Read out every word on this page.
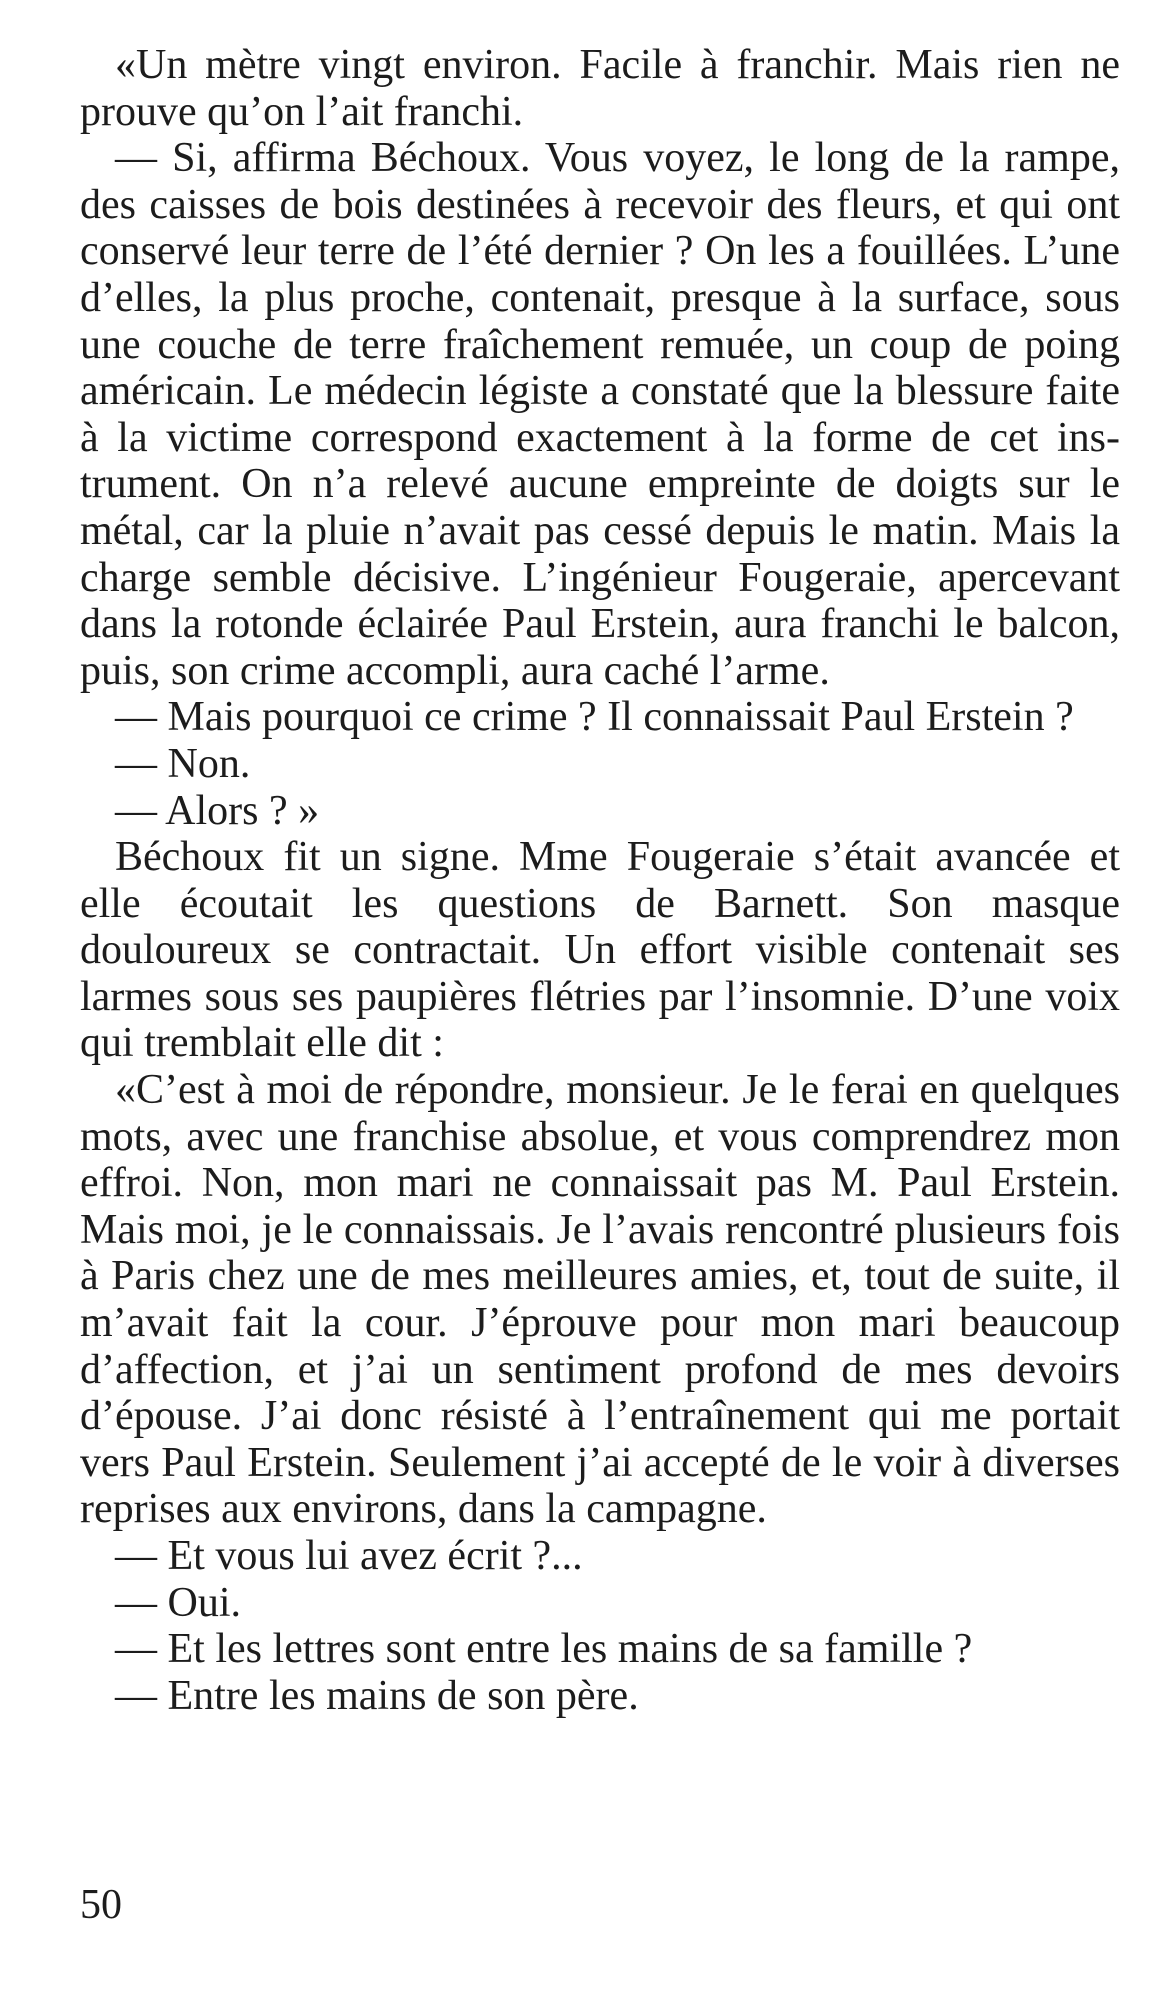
«Un mètre vingt environ. Facile à franchir. Mais rien ne prouve qu’on l’ait franchi.

— Si, affirma Béchoux. Vous voyez, le long de la rampe, des caisses de bois destinées à recevoir des fleurs, et qui ont conservé leur terre de l’été dernier ? On les a fouillées. L’une d’elles, la plus proche, contenait, presque à la surface, sous une couche de terre fraîchement remuée, un coup de poing américain. Le médecin légiste a constaté que la blessure faite à la victime correspond exactement à la forme de cet instrument. On n’a relevé aucune empreinte de doigts sur le métal, car la pluie n’avait pas cessé depuis le matin. Mais la charge semble décisive. L’ingénieur Fougeraie, apercevant dans la rotonde éclairée Paul Erstein, aura franchi le balcon, puis, son crime accompli, aura caché l’arme.

— Mais pourquoi ce crime ? Il connaissait Paul Erstein ?

— Non.

— Alors ? »

Béchoux fit un signe. Mme Fougeraie s’était avancée et elle écoutait les questions de Barnett. Son masque douloureux se contractait. Un effort visible contenait ses larmes sous ses paupières flétries par l’insomnie. D’une voix qui tremblait elle dit :

«C’est à moi de répondre, monsieur. Je le ferai en quelques mots, avec une franchise absolue, et vous comprendrez mon effroi. Non, mon mari ne connaissait pas M. Paul Erstein. Mais moi, je le connaissais. Je l’avais rencontré plusieurs fois à Paris chez une de mes meilleures amies, et, tout de suite, il m’avait fait la cour. J’éprouve pour mon mari beaucoup d’affection, et j’ai un sentiment profond de mes devoirs d’épouse. J’ai donc résisté à l’entraînement qui me portait vers Paul Erstein. Seulement j’ai accepté de le voir à diverses reprises aux environs, dans la campagne.

— Et vous lui avez écrit ?...

— Oui.

— Et les lettres sont entre les mains de sa famille ?

— Entre les mains de son père.

50
